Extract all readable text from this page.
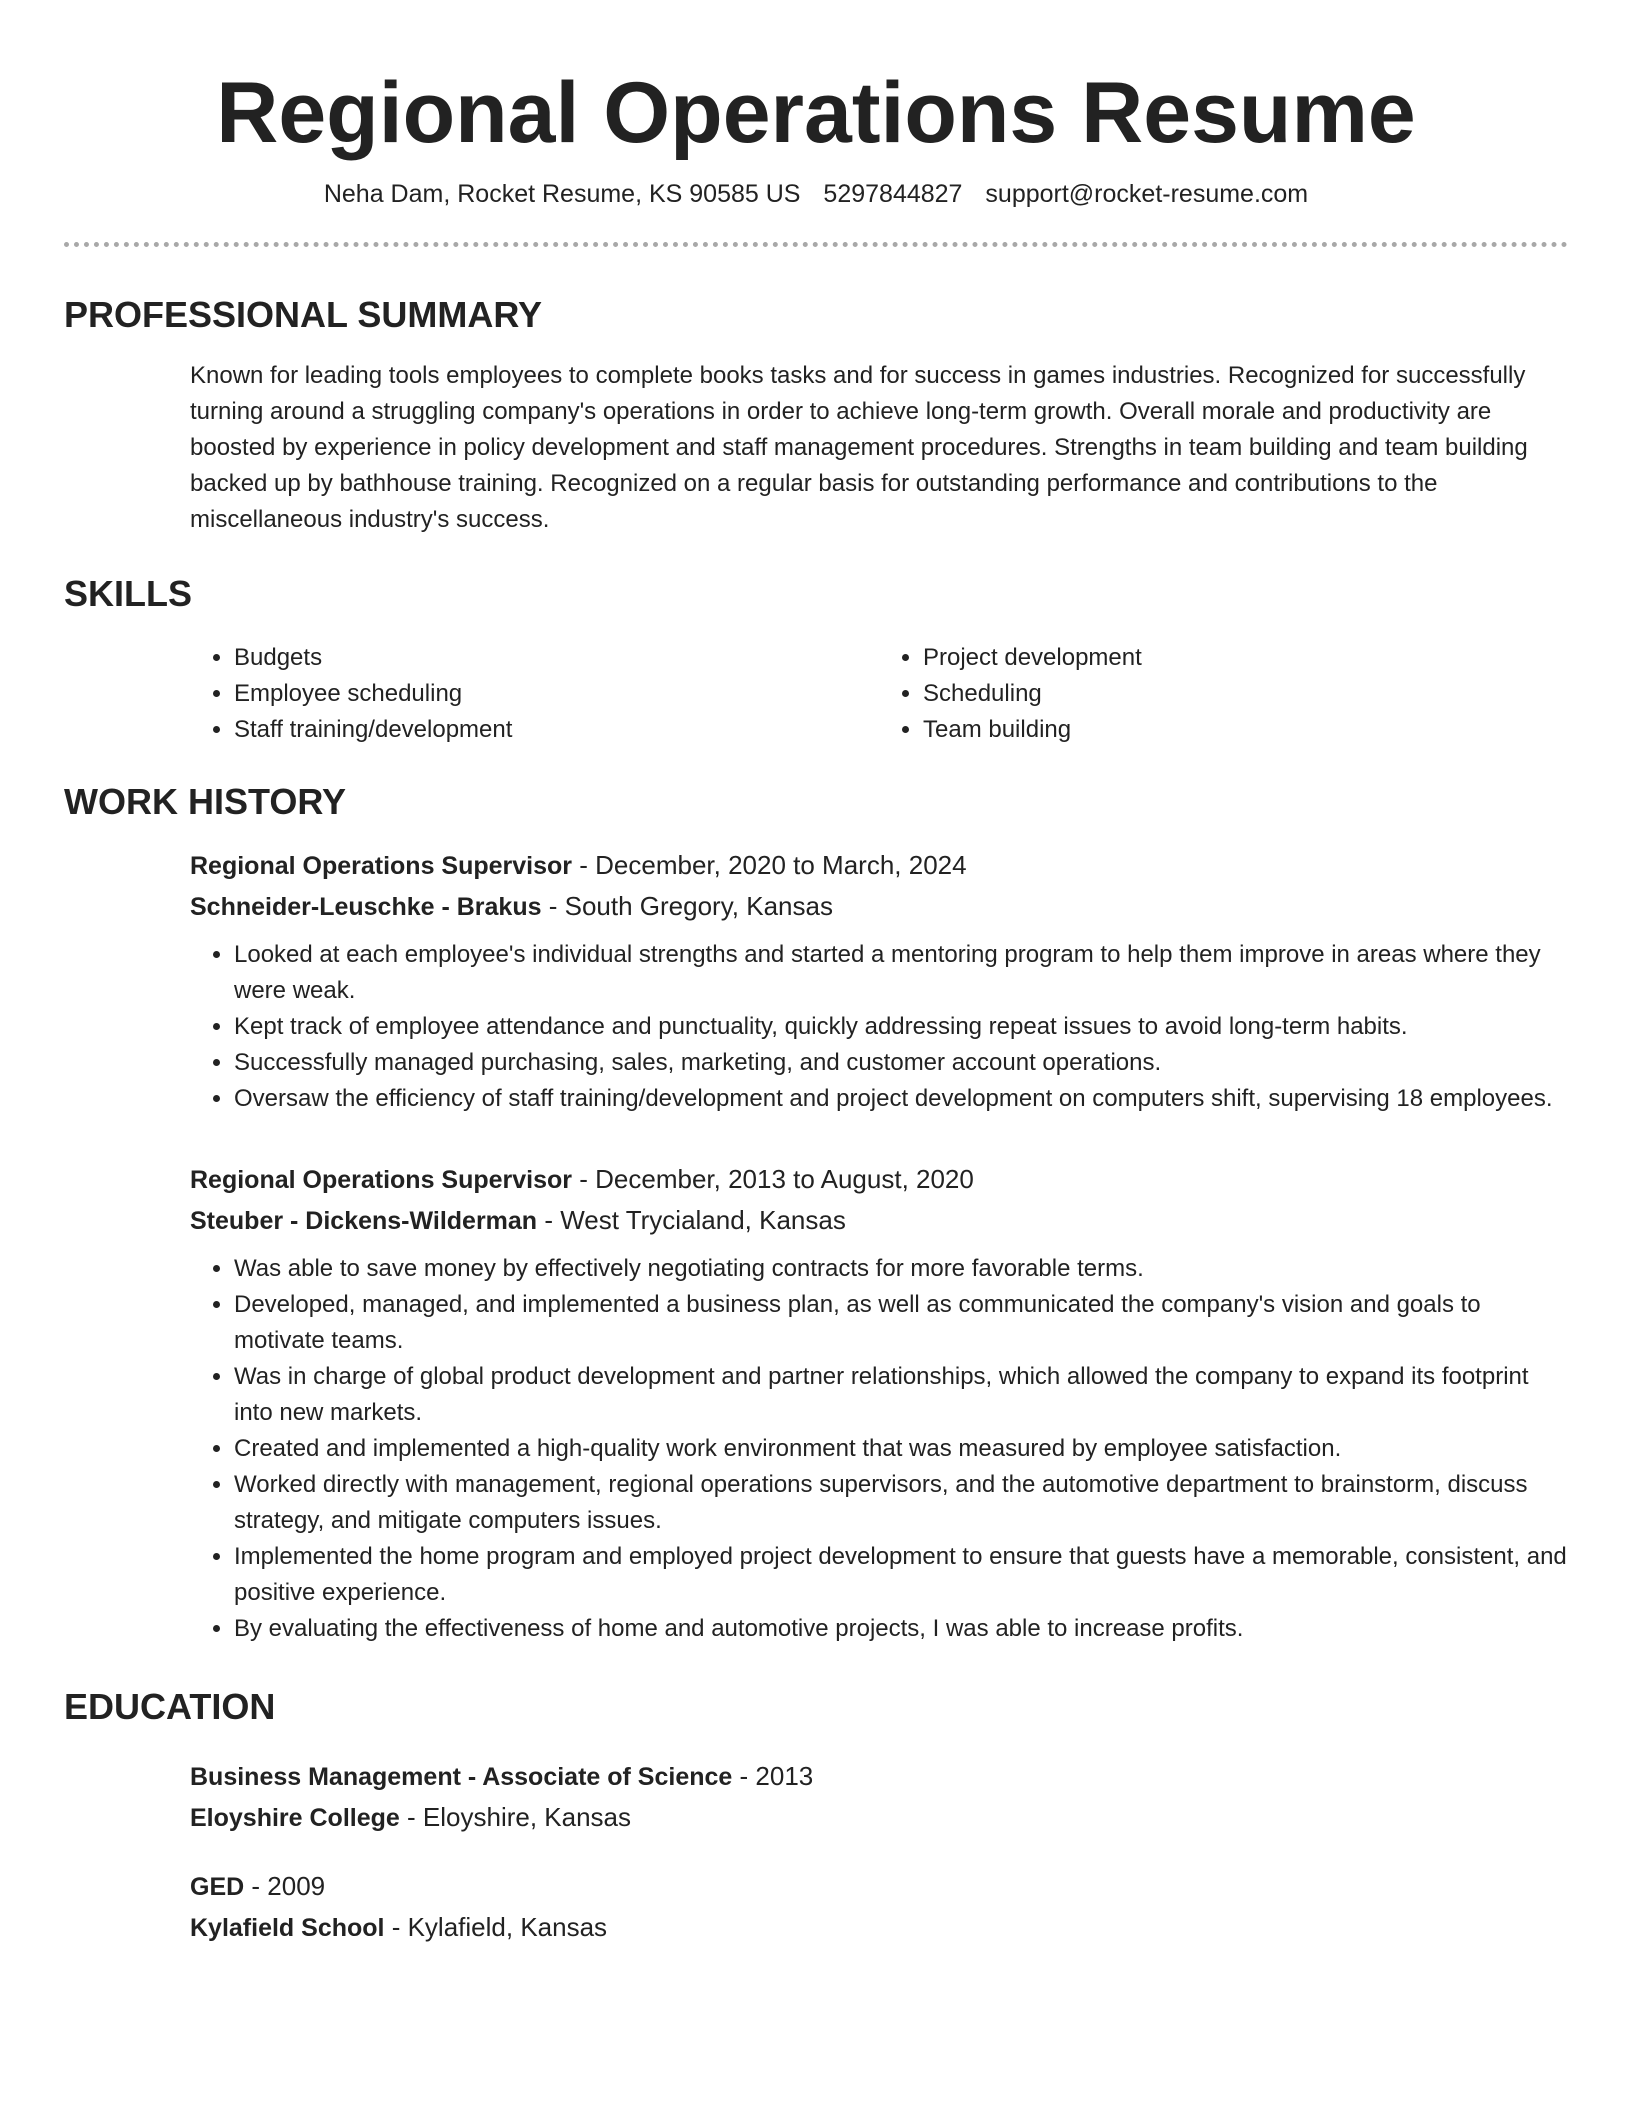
Regional Operations Resume
Neha Dam, Rocket Resume, KS 90585 US 5297844827 support@rocket-resume.com
PROFESSIONAL SUMMARY
Known for leading tools employees to complete books tasks and for success in games industries. Recognized for successfully turning around a struggling company's operations in order to achieve long-term growth. Overall morale and productivity are boosted by experience in policy development and staff management procedures. Strengths in team building and team building backed up by bathhouse training. Recognized on a regular basis for outstanding performance and contributions to the miscellaneous industry's success.
SKILLS
• Budgets
• Employee scheduling
• Staff training/development
• Project development
• Scheduling
• Team building
WORK HISTORY
Regional Operations Supervisor - December, 2020 to March, 2024
Schneider-Leuschke - Brakus - South Gregory, Kansas
• Looked at each employee's individual strengths and started a mentoring program to help them improve in areas where they were weak.
• Kept track of employee attendance and punctuality, quickly addressing repeat issues to avoid long-term habits.
• Successfully managed purchasing, sales, marketing, and customer account operations.
• Oversaw the efficiency of staff training/development and project development on computers shift, supervising 18 employees.
Regional Operations Supervisor - December, 2013 to August, 2020
Steuber - Dickens-Wilderman - West Trycialand, Kansas
• Was able to save money by effectively negotiating contracts for more favorable terms.
• Developed, managed, and implemented a business plan, as well as communicated the company's vision and goals to motivate teams.
• Was in charge of global product development and partner relationships, which allowed the company to expand its footprint into new markets.
• Created and implemented a high-quality work environment that was measured by employee satisfaction.
• Worked directly with management, regional operations supervisors, and the automotive department to brainstorm, discuss strategy, and mitigate computers issues.
• Implemented the home program and employed project development to ensure that guests have a memorable, consistent, and positive experience.
• By evaluating the effectiveness of home and automotive projects, I was able to increase profits.
EDUCATION
Business Management - Associate of Science - 2013
Eloyshire College - Eloyshire, Kansas
GED - 2009
Kylafield School - Kylafield, Kansas
